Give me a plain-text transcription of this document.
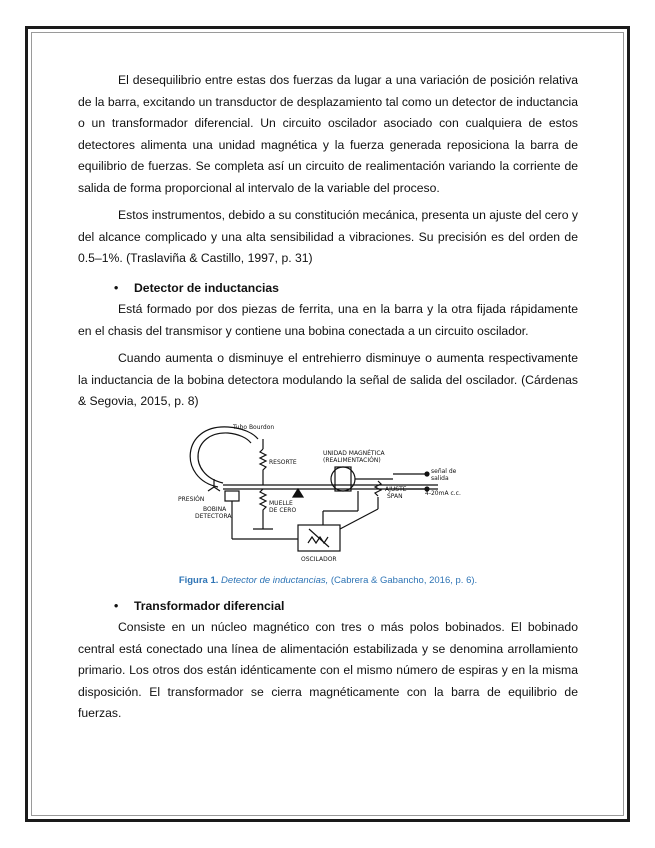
El desequilibrio entre estas dos fuerzas da lugar a una variación de posición relativa de la barra, excitando un transductor de desplazamiento tal como un detector de inductancia o un transformador diferencial. Un circuito oscilador asociado con cualquiera de estos detectores alimenta una unidad magnética y la fuerza generada reposiciona la barra de equilibrio de fuerzas. Se completa así un circuito de realimentación variando la corriente de salida de forma proporcional al intervalo de la variable del proceso.

Estos instrumentos, debido a su constitución mecánica, presenta un ajuste del cero y del alcance complicado y una alta sensibilidad a vibraciones. Su precisión es del orden de 0.5–1%. (Traslaviña & Castillo, 1997, p. 31)

• Detector de inductancias

Está formado por dos piezas de ferrita, una en la barra y la otra fijada rápidamente en el chasis del transmisor y contiene una bobina conectada a un circuito oscilador.

Cuando aumenta o disminuye el entrehierro disminuye o aumenta respectivamente la inductancia de la bobina detectora modulando la señal de salida del oscilador. (Cárdenas & Segovia, 2015, p. 8)

Tubo Bourdon
RESORTE
UNIDAD MAGNÉTICA
(REALIMENTACIÓN)
señal de
salida
4-20mA c.c.
AJUSTE
SPAN
PRESIÓN
BOBINA
DETECTORA
MUELLE
DE CERO
OSCILADOR

Figura 1. Detector de inductancias, (Cabrera & Gabancho, 2016, p. 6).

• Transformador diferencial

Consiste en un núcleo magnético con tres o más polos bobinados. El bobinado central está conectado una línea de alimentación estabilizada y se denomina arrollamiento primario. Los otros dos están idénticamente con el mismo número de espiras y en la misma disposición. El transformador se cierra magnéticamente con la barra de equilibrio de fuerzas.
